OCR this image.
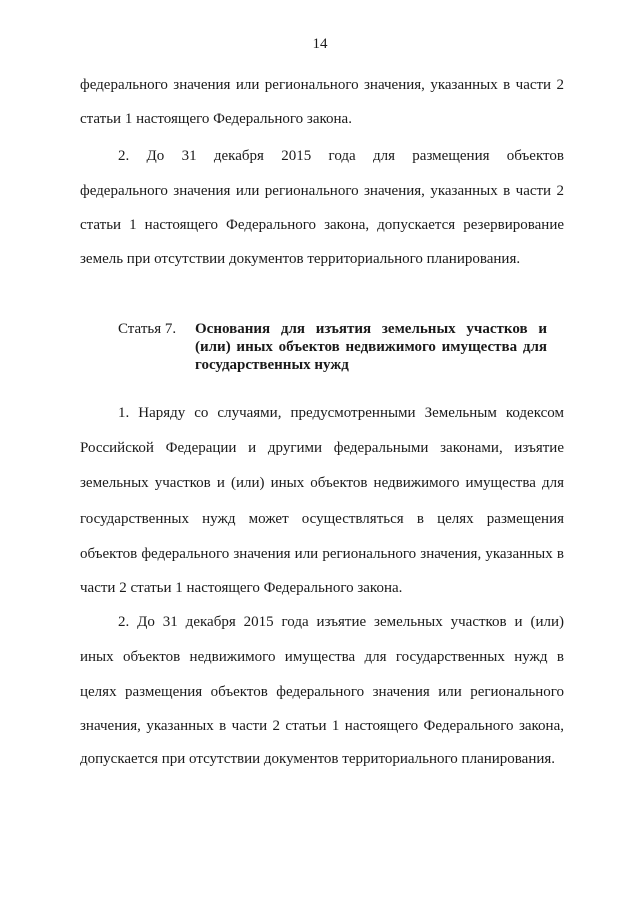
14
федерального значения или регионального значения, указанных в части 2
статьи 1 настоящего Федерального закона.
2. До 31 декабря 2015 года для размещения объектов
федерального значения или регионального значения, указанных в части 2
статьи 1 настоящего Федерального закона, допускается резервирование
земель при отсутствии документов территориального планирования.
Статья 7. Основания для изъятия земельных участков и
(или) иных объектов недвижимого имущества для
государственных нужд
1. Наряду со случаями, предусмотренными Земельным кодексом
Российской Федерации и другими федеральными законами, изъятие
земельных участков и (или) иных объектов недвижимого имущества для
государственных нужд может осуществляться в целях размещения
объектов федерального значения или регионального значения, указанных в
части 2 статьи 1 настоящего Федерального закона.
2. До 31 декабря 2015 года изъятие земельных участков и (или)
иных объектов недвижимого имущества для государственных нужд в
целях размещения объектов федерального значения или регионального
значения, указанных в части 2 статьи 1 настоящего Федерального закона,
допускается при отсутствии документов территориального планирования.
